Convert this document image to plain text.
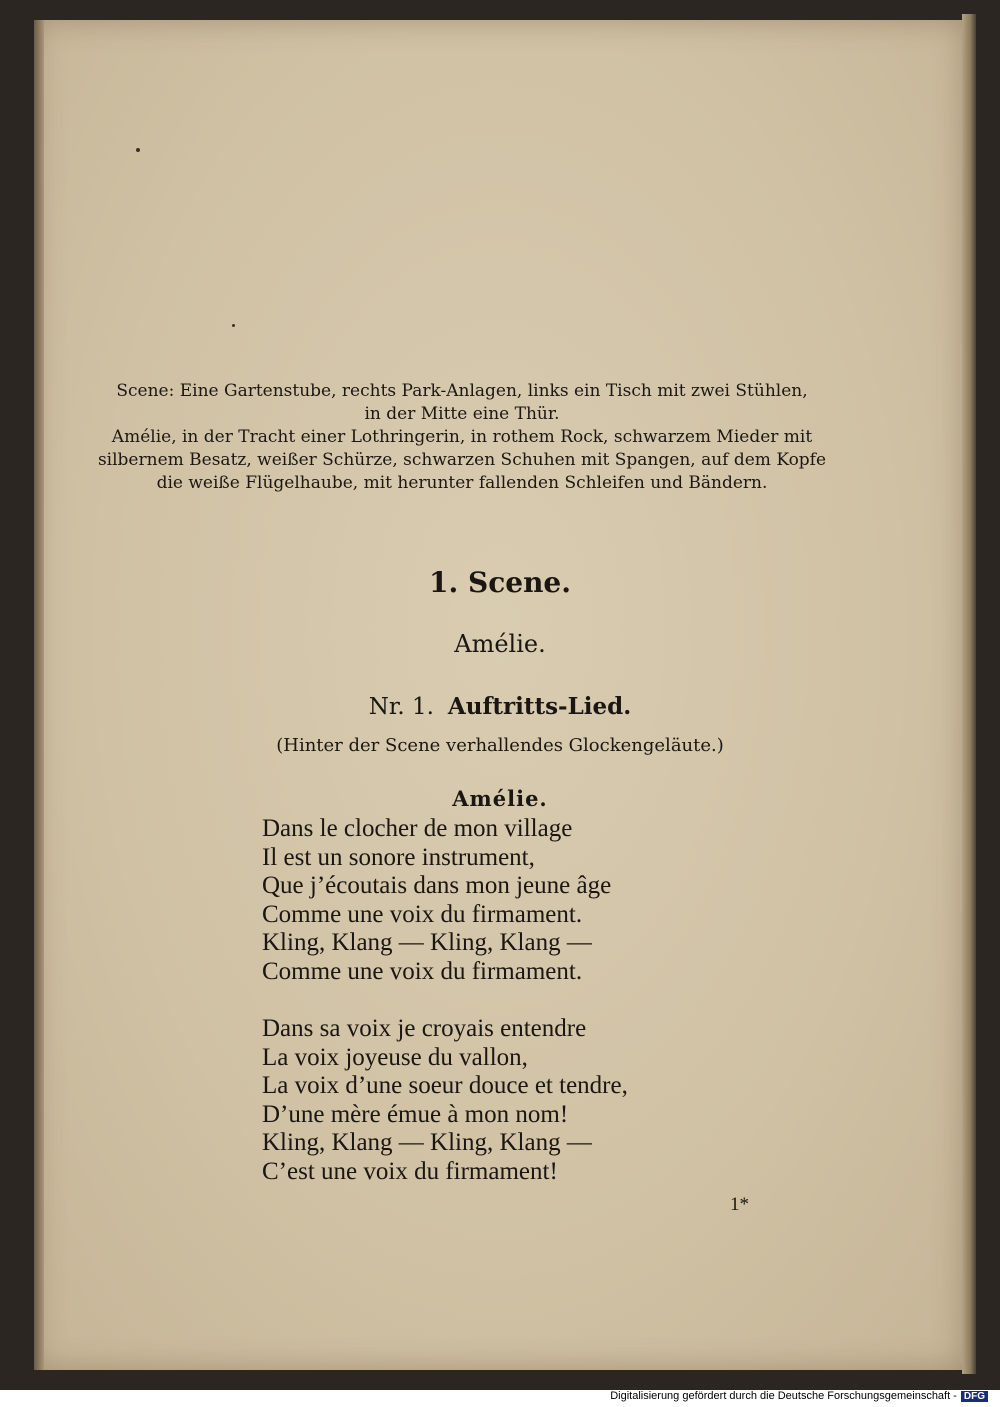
Scene: Eine Gartenstube, rechts Park-Anlagen, links ein Tisch mit zwei Stühlen,

in der Mitte eine Thür.

Amélie, in der Tracht einer Lothringerin, in rothem Rock, schwarzem Mieder mit

silbernem Besatz, weißer Schürze, schwarzen Schuhen mit Spangen, auf dem Kopfe

die weiße Flügelhaube, mit herunter fallenden Schleifen und Bändern.

1. Scene.
Amélie.
Nr. 1. Auftritts-Lied.
(Hinter der Scene verhallendes Glockengeläute.)
Amélie.

Dans le clocher de mon village

Il est un sonore instrument,

Que j’écoutais dans mon jeune âge

Comme une voix du firmament.

Kling, Klang — Kling, Klang —

Comme une voix du firmament.

Dans sa voix je croyais entendre

La voix joyeuse du vallon,

La voix d’une soeur douce et tendre,

D’une mère émue à mon nom!

Kling, Klang — Kling, Klang —

C’est une voix du firmament!

1*
Digitalisierung gefördert durch die Deutsche Forschungsgemeinschaft - DFG
